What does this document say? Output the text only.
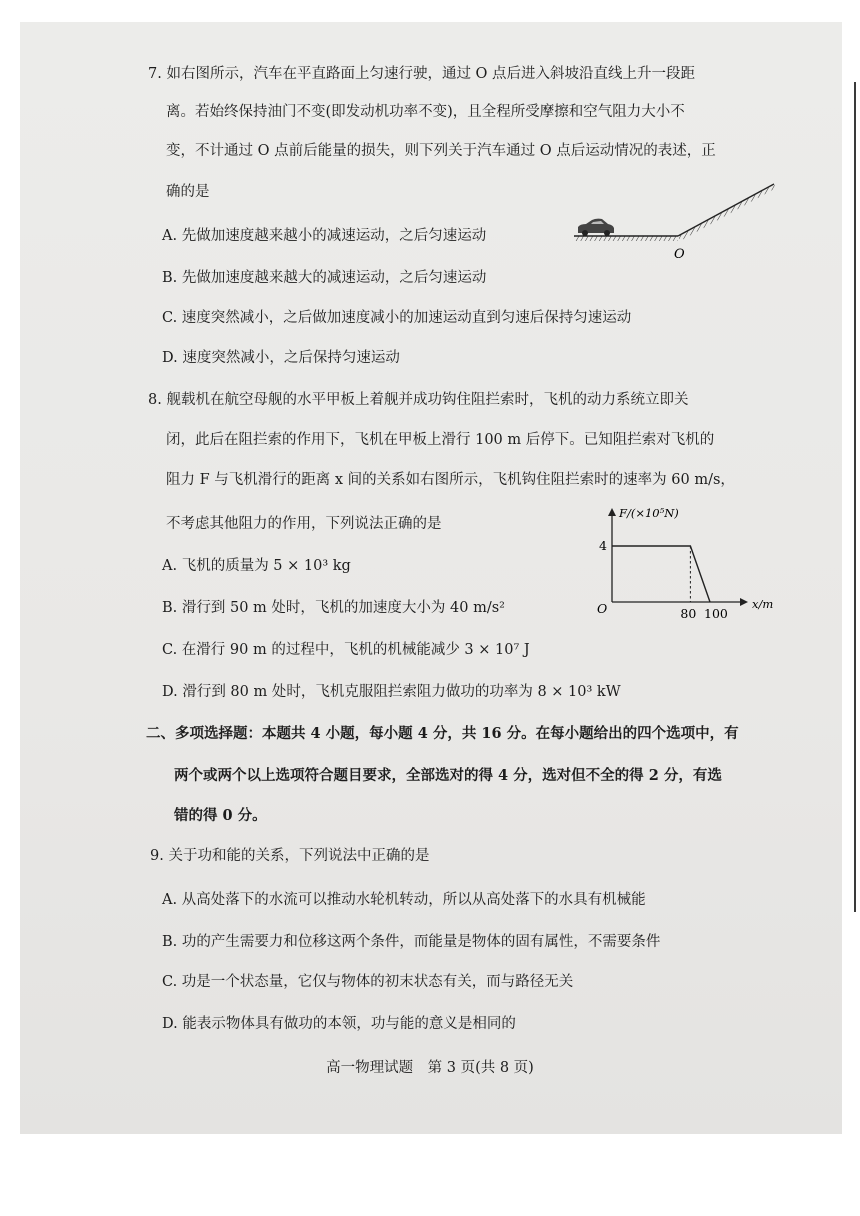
7. 如右图所示，汽车在平直路面上匀速行驶，通过 O 点后进入斜坡沿直线上升一段距
离。若始终保持油门不变(即发动机功率不变)，且全程所受摩擦和空气阻力大小不
变，不计通过 O 点前后能量的损失，则下列关于汽车通过 O 点后运动情况的表述，正
确的是
A. 先做加速度越来越小的减速运动，之后匀速运动
B. 先做加速度越来越大的减速运动，之后匀速运动
C. 速度突然减小，之后做加速度减小的加速运动直到匀速后保持匀速运动
D. 速度突然减小，之后保持匀速运动
O
8. 舰载机在航空母舰的水平甲板上着舰并成功钩住阻拦索时，飞机的动力系统立即关
闭，此后在阻拦索的作用下，飞机在甲板上滑行 100 m 后停下。已知阻拦索对飞机的
阻力 F 与飞机滑行的距离 x 间的关系如右图所示，飞机钩住阻拦索时的速率为 60 m/s，
不考虑其他阻力的作用，下列说法正确的是
A. 飞机的质量为 5 × 10³ kg
B. 滑行到 50 m 处时，飞机的加速度大小为 40 m/s²
C. 在滑行 90 m 的过程中，飞机的机械能减少 3 × 10⁷ J
D. 滑行到 80 m 处时，飞机克服阻拦索阻力做功的功率为 8 × 10³ kW
F/(×10⁵N)
x/m
O
4
80 100
二、多项选择题：本题共 4 小题，每小题 4 分，共 16 分。在每小题给出的四个选项中，有
两个或两个以上选项符合题目要求，全部选对的得 4 分，选对但不全的得 2 分，有选
错的得 0 分。
9. 关于功和能的关系，下列说法中正确的是
A. 从高处落下的水流可以推动水轮机转动，所以从高处落下的水具有机械能
B. 功的产生需要力和位移这两个条件，而能量是物体的固有属性，不需要条件
C. 功是一个状态量，它仅与物体的初末状态有关，而与路径无关
D. 能表示物体具有做功的本领，功与能的意义是相同的
高一物理试题　第 3 页(共 8 页)
